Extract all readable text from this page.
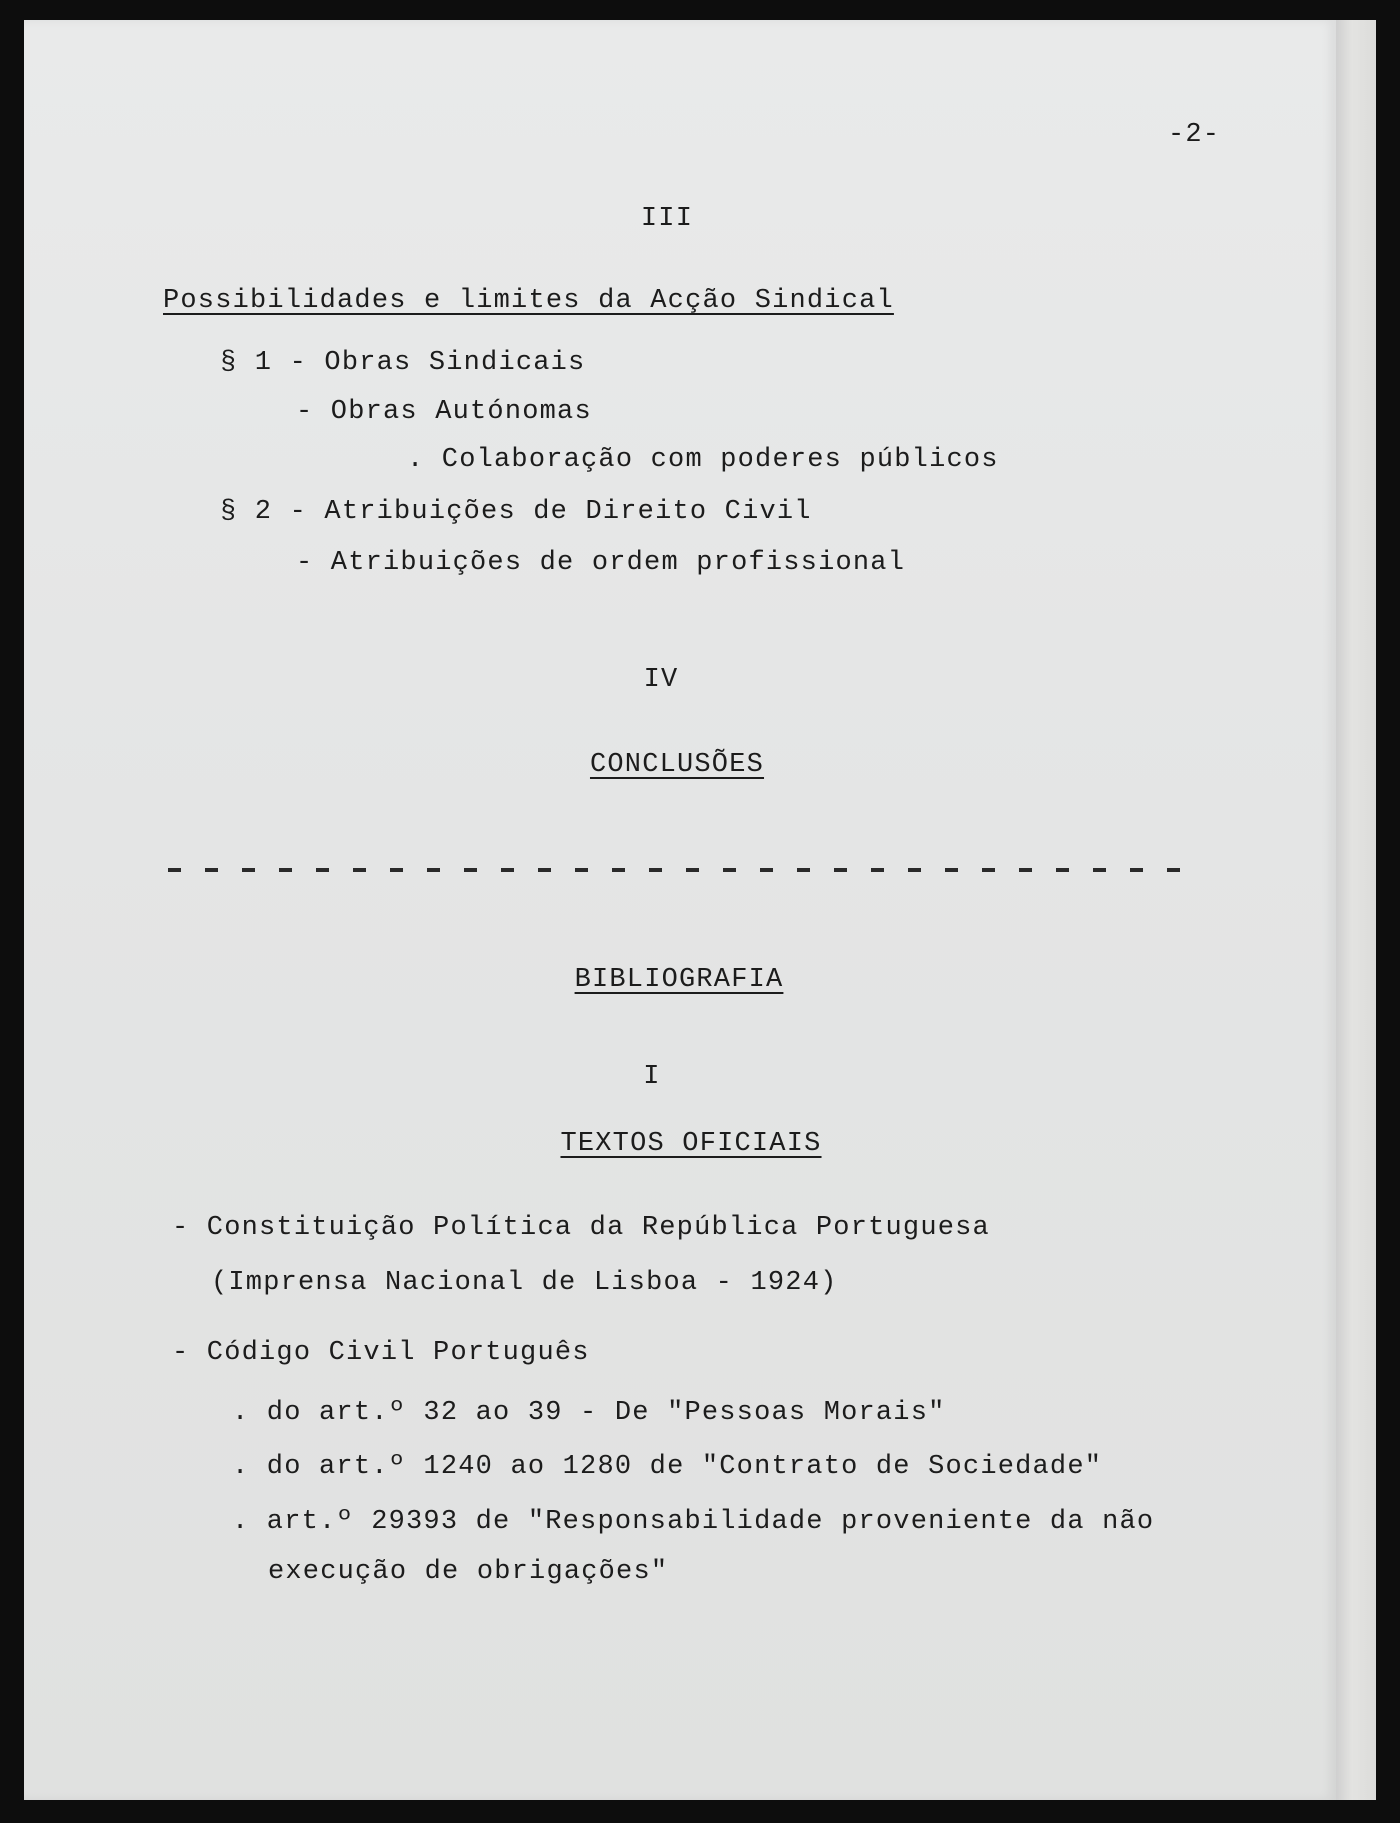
-2-
III
Possibilidades e limites da Acção Sindical
§ 1 - Obras Sindicais
- Obras Autónomas
. Colaboração com poderes públicos
§ 2 - Atribuições de Direito Civil
- Atribuições de ordem profissional
IV
CONCLUSÕES
BIBLIOGRAFIA
I
TEXTOS OFICIAIS
- Constituição Política da República Portuguesa
(Imprensa Nacional de Lisboa - 1924)
- Código Civil Português
. do art.º 32 ao 39 - De "Pessoas Morais"
. do art.º 1240 ao 1280 de "Contrato de Sociedade"
. art.º 29393 de "Responsabilidade proveniente da não
execução de obrigações"
